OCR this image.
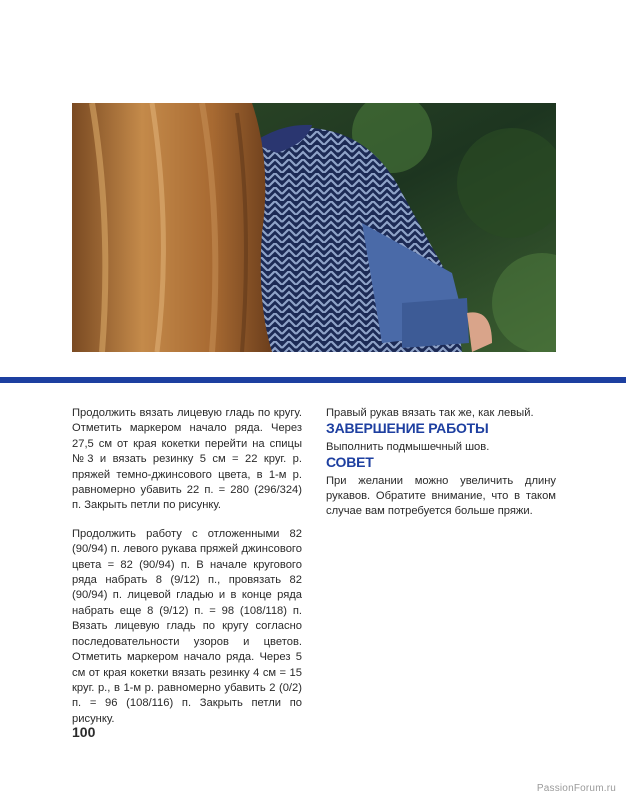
Продолжить вязать лицевую гладь по кругу. Отметить маркером начало ряда. Через 27,5 см от края кокетки перейти на спицы №3 и вязать резинку 5 см = 22 круг. р. пряжей темно-джинсового цвета, в 1-м р. равномерно убавить 22 п. = 280 (296/324) п. Закрыть петли по рисунку.

Продолжить работу с отложенными 82 (90/94) п. левого рукава пряжей джинсового цвета = 82 (90/94) п. В начале кругового ряда набрать 8 (9/12) п., провязать 82 (90/94) п. лицевой гладью и в конце ряда набрать еще 8 (9/12) п. = 98 (108/118) п. Вязать лицевую гладь по кругу согласно последовательности узоров и цветов. Отметить маркером начало ряда. Через 5 см от края кокетки вязать резинку 4 см = 15 круг. р., в 1-м р. равномерно убавить 2 (0/2) п. = 96 (108/116) п. Закрыть петли по рисунку.

Правый рукав вязать так же, как левый.

ЗАВЕРШЕНИЕ РАБОТЫ

Выполнить подмышечный шов.

СОВЕТ

При желании можно увеличить длину рукавов. Обратите внимание, что в таком случае вам потребуется больше пряжи.

100
PassionForum.ru
